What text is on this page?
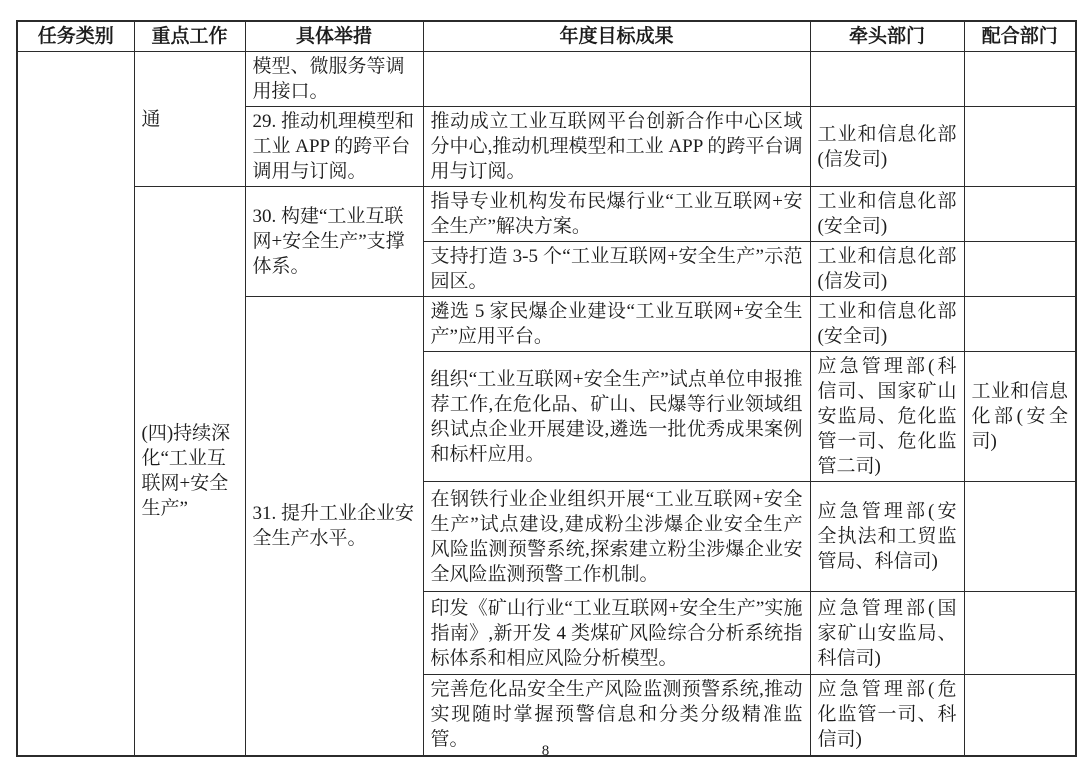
任务类别	重点工作	具体举措	年度目标成果	牵头部门	配合部门
	通	模型、微服务等调用接口。			
		29. 推动机理模型和工业 APP 的跨平台调用与订阅。	推动成立工业互联网平台创新合作中心区域分中心,推动机理模型和工业 APP 的跨平台调用与订阅。	工业和信息化部(信发司)	
	(四)持续深化“工业互联网+安全生产”	30. 构建“工业互联网+安全生产”支撑体系。	指导专业机构发布民爆行业“工业互联网+安全生产”解决方案。	工业和信息化部(安全司)	
			支持打造 3-5 个“工业互联网+安全生产”示范园区。	工业和信息化部(信发司)	
		31. 提升工业企业安全生产水平。	遴选 5 家民爆企业建设“工业互联网+安全生产”应用平台。	工业和信息化部(安全司)	
			组织“工业互联网+安全生产”试点单位申报推荐工作,在危化品、矿山、民爆等行业领域组织试点企业开展建设,遴选一批优秀成果案例和标杆应用。	应急管理部(科信司、国家矿山安监局、危化监管一司、危化监管二司)	工业和信息化部(安全司)
			在钢铁行业企业组织开展“工业互联网+安全生产”试点建设,建成粉尘涉爆企业安全生产风险监测预警系统,探索建立粉尘涉爆企业安全风险监测预警工作机制。	应急管理部(安全执法和工贸监管局、科信司)	
			印发《矿山行业“工业互联网+安全生产”实施指南》,新开发 4 类煤矿风险综合分析系统指标体系和相应风险分析模型。	应急管理部(国家矿山安监局、科信司)	
			完善危化品安全生产风险监测预警系统,推动实现随时掌握预警信息和分类分级精准监管。	应急管理部(危化监管一司、科信司)	
8
